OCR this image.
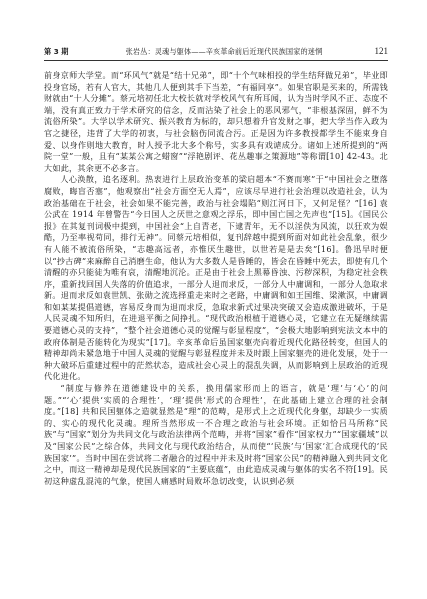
第 3 期	张岩丛：灵魂与躯体——辛亥革命前后近现代民族国家的迷惘	121

前身京师大学堂。而“环风气”就是“结十兄弟”，即“十个气味相投的学生结拜做兄弟”，毕业即投身官场，若有人官大，其他几人便到其手下当差，“有福同享”。如果官职是买来的，所需钱财就由“十人分摊”。蔡元培初任北大校长就对学校风气有所耳闻，认为当时学风不正、态度不端，没有真正致力于学术研究的信念，反而沾染了社会上的恶风邪气，“非根基深固，鲜不为流俗所染”。大学以学术研究、振兴教育为标的，却只想着升官发财之事，把大学当作入政为官之捷径，违背了大学的初衷，与社会脑伤同流合污。正是因为许多教授都学生不能束身自爱、以身作则地大教育，时人授予北大多个称号，实多具有戏谑成分。诸如上述所提到的“两院一堂”一般，且有“某某公寓之蜡窗”“浮艳剧评、花丛趣事之策源地”等称谓[10] 42-43。北大如此，其余更不必多言。

人心涣散，追名逐利。热衷进行上层政治变革的梁启超本“不赛而寒”于“中国社会之堕落腐败，晦盲否塞”，他观察出“社会方面空无人焉”，应该尽早进行社会治理以改造社会，认为政治基础在于社会，社会如果不能完善，政治与社会塌陷“则江河日下，又何足怪？”[16] 袁公武在 1914 年曾警告“今日国人之厌世之意观之浮乐，即中国亡国之先声也”[15]。《国民公报》在其复刊词极中提到，中国社会“上自青老，下逮青年，无不以淫佚为风流，以狂欢为娱酷，乃至率视苟同，排行无神”。同蔡元培相似，复刊辞越中提到所面对如此社会乱象，很少有人能不被流俗所染，“志趣高远者，亦惟厌生趣世，以世若是是去矣”[16]。鲁迅早时便以“抄古碑”来麻醉自己消磨生命，他认为大多数人是昏睡的，皆会在昏睡中死去，即使有几个清醒的亦只能徒为唯有哀，清醒地沉沦。正是由于社会上黑幕昏浊、污秽深积，为稳定社会秩序，重新找回国人失落的价值追求，一部分人退而求反，一部分人中庸调和，一部分人急取求新。退而求反如袁世凯、张勋之流选择重走来时之老路，中庸调和如王国维、梁漱溟，中庸调和如某某提倡道德，容易反身而为退而求反，急取求新式过果决突破又会造成激进破坏，于是人民灵魂不知所归，在进退平衡之间挣扎。“现代政治根植于道德心灵，它建立在无疑继续需要道德心灵的支持”，“整个社会道德心灵的觉醒与彰显程度”，“会极大地影响到宪法文本中的政府体制是否能转化为现实”[17]。辛亥革命后虽国家躯壳向着近现代化路径转变，但国人的精神却尚未紧急地于中国人灵魂的觉醒与彰显程度并未及时跟上国家躯壳的进化发展，处于一种大破坏后重建过程中的茫然状态，造成社会心灵上的混乱失调，从而影响到上层政治的近现代化进化。

“制度与修养在道德建设中的关系，换用儒家形而上的语言，就是‘理’与‘心’的问题。”“‘心’提供‘实质的合理性’，‘理’提供‘形式的合理性’，在此基础上建立合理的社会制度。”[18] 共和民国躯体之造就显然是“理”的范畴，是形式上之近现代化身躯，却缺少一实质的、实心的现代化灵魂。理所当然形成一不合理之政治与社会环境。正如恰吕马所称“民族”与“国家”划分为共同文化与政治法律两个范畴，并将“国家”看作“国家权力”“国家疆域”以及“国家公民”之综合体，共同文化与现代政治结合，从而使“‘民族’与‘国家’汇合成现代的‘民族国家’”。当时中国在尝试将二者融合的过程中并未及时将“国家公民”的精神融入到共同文化之中，而这一精神却是现代民族国家的“主要底蕴”，由此造成灵魂与躯体的实名不符[19]。民初这种虚乱混沌的气象，使国人痛感时局败坏急切改变，认识到必须
